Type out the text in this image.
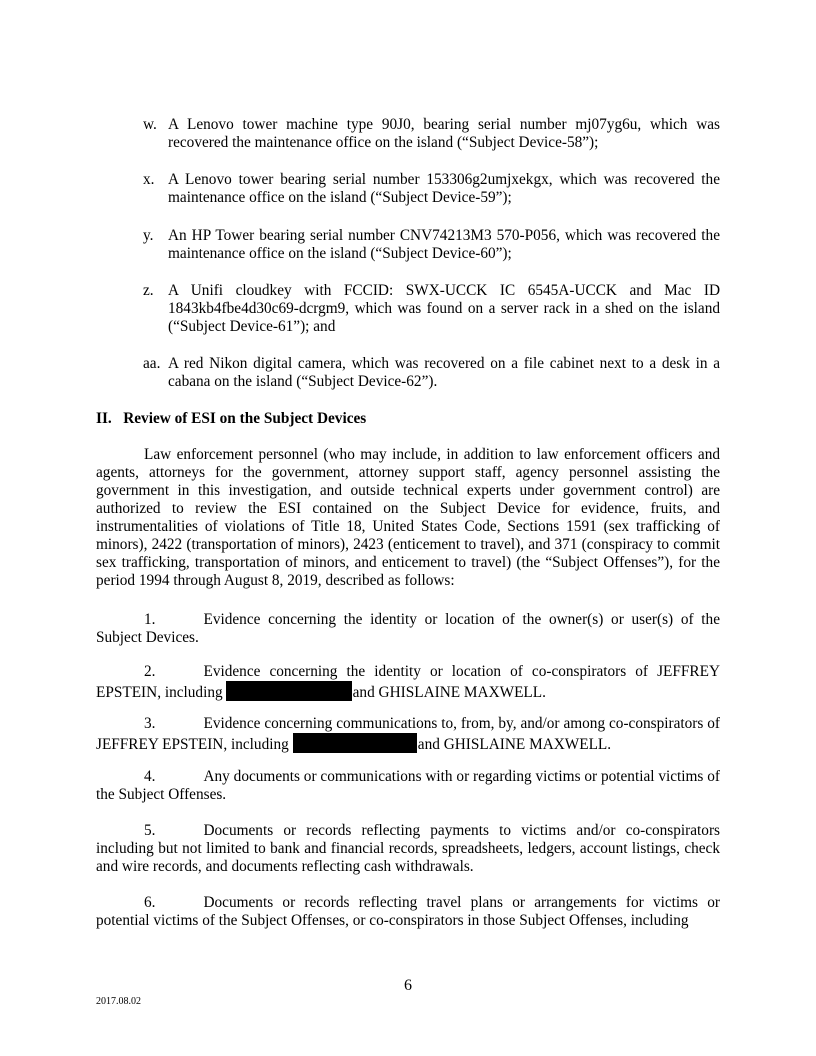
w. A Lenovo tower machine type 90J0, bearing serial number mj07yg6u, which was recovered the maintenance office on the island (“Subject Device-58”);
x. A Lenovo tower bearing serial number 153306g2umjxekgx, which was recovered the maintenance office on the island (“Subject Device-59”);
y. An HP Tower bearing serial number CNV74213M3 570-P056, which was recovered the maintenance office on the island (“Subject Device-60”);
z. A Unifi cloudkey with FCCID: SWX-UCCK IC 6545A-UCCK and Mac ID 1843kb4fbe4d30c69-dcrgm9, which was found on a server rack in a shed on the island (“Subject Device-61”); and
aa. A red Nikon digital camera, which was recovered on a file cabinet next to a desk in a cabana on the island (“Subject Device-62”).
II.   Review of ESI on the Subject Devices
Law enforcement personnel (who may include, in addition to law enforcement officers and agents, attorneys for the government, attorney support staff, agency personnel assisting the government in this investigation, and outside technical experts under government control) are authorized to review the ESI contained on the Subject Device for evidence, fruits, and instrumentalities of violations of Title 18, United States Code, Sections 1591 (sex trafficking of minors), 2422 (transportation of minors), 2423 (enticement to travel), and 371 (conspiracy to commit sex trafficking, transportation of minors, and enticement to travel) (the “Subject Offenses”), for the period 1994 through August 8, 2019, described as follows:
1.	Evidence concerning the identity or location of the owner(s) or user(s) of the Subject Devices.
2.	Evidence concerning the identity or location of co-conspirators of JEFFREY EPSTEIN, including	and GHISLAINE MAXWELL.
3.	Evidence concerning communications to, from, by, and/or among co-conspirators of JEFFREY EPSTEIN, including	and GHISLAINE MAXWELL.
4.	Any documents or communications with or regarding victims or potential victims of the Subject Offenses.
5.	Documents or records reflecting payments to victims and/or co-conspirators including but not limited to bank and financial records, spreadsheets, ledgers, account listings, check and wire records, and documents reflecting cash withdrawals.
6.	Documents or records reflecting travel plans or arrangements for victims or potential victims of the Subject Offenses, or co-conspirators in those Subject Offenses, including
6
2017.08.02
